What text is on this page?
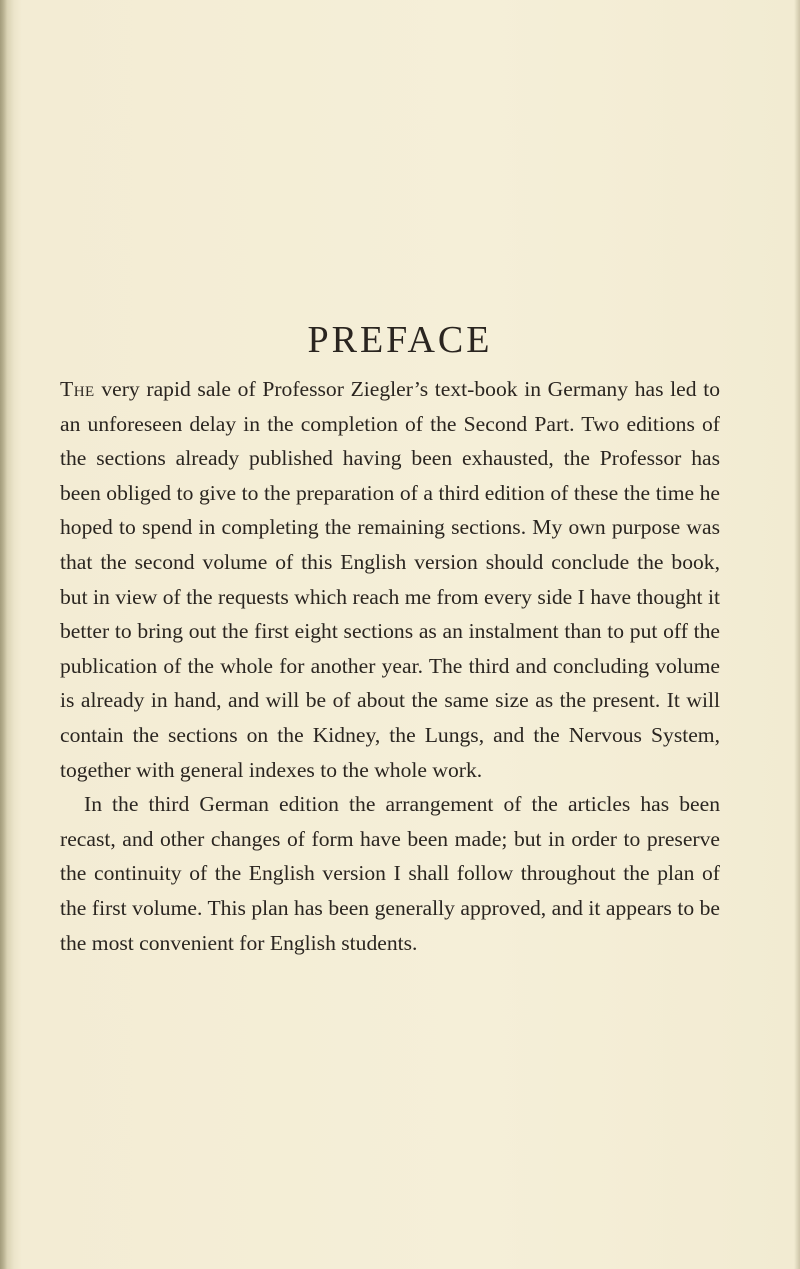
PREFACE

The very rapid sale of Professor Ziegler’s text-book in Germany has led to an unforeseen delay in the completion of the Second Part. Two editions of the sections already published having been exhausted, the Professor has been obliged to give to the preparation of a third edition of these the time he hoped to spend in completing the remaining sections. My own purpose was that the second volume of this English version should conclude the book, but in view of the requests which reach me from every side I have thought it better to bring out the first eight sections as an instalment than to put off the publication of the whole for another year. The third and concluding volume is already in hand, and will be of about the same size as the present. It will contain the sections on the Kidney, the Lungs, and the Nervous System, together with general indexes to the whole work.

In the third German edition the arrangement of the articles has been recast, and other changes of form have been made; but in order to preserve the continuity of the English version I shall follow throughout the plan of the first volume. This plan has been generally approved, and it appears to be the most convenient for English students.
